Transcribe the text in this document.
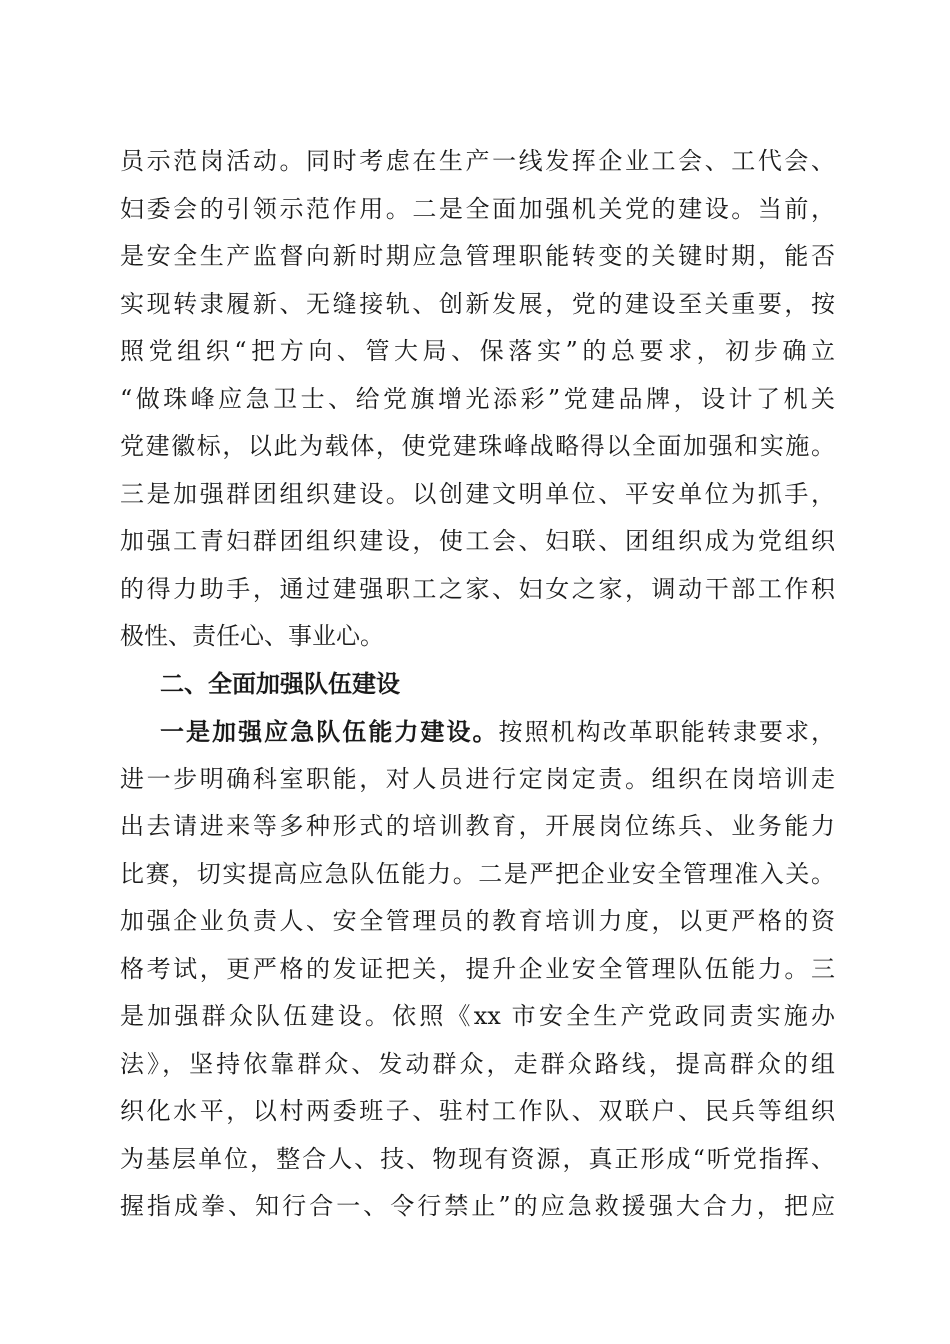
员示范岗活动。同时考虑在生产一线发挥企业工会、工代会、
妇委会的引领示范作用。二是全面加强机关党的建设。当前，
是安全生产监督向新时期应急管理职能转变的关键时期，能否
实现转隶履新、无缝接轨、创新发展，党的建设至关重要，按
照党组织“把方向、管大局、保落实”的总要求，初步确立
“做珠峰应急卫士、给党旗增光添彩”党建品牌，设计了机关
党建徽标，以此为载体，使党建珠峰战略得以全面加强和实施。
三是加强群团组织建设。以创建文明单位、平安单位为抓手，
加强工青妇群团组织建设，使工会、妇联、团组织成为党组织
的得力助手，通过建强职工之家、妇女之家，调动干部工作积
极性、责任心、事业心。
二、全面加强队伍建设
一是加强应急队伍能力建设。按照机构改革职能转隶要求，
进一步明确科室职能，对人员进行定岗定责。组织在岗培训走
出去请进来等多种形式的培训教育，开展岗位练兵、业务能力
比赛，切实提高应急队伍能力。二是严把企业安全管理准入关。
加强企业负责人、安全管理员的教育培训力度，以更严格的资
格考试，更严格的发证把关，提升企业安全管理队伍能力。三
是加强群众队伍建设。依照《xx 市安全生产党政同责实施办
法》，坚持依靠群众、发动群众，走群众路线，提高群众的组
织化水平，以村两委班子、驻村工作队、双联户、民兵等组织
为基层单位，整合人、技、物现有资源，真正形成“听党指挥、
握指成拳、知行合一、令行禁止”的应急救援强大合力，把应
